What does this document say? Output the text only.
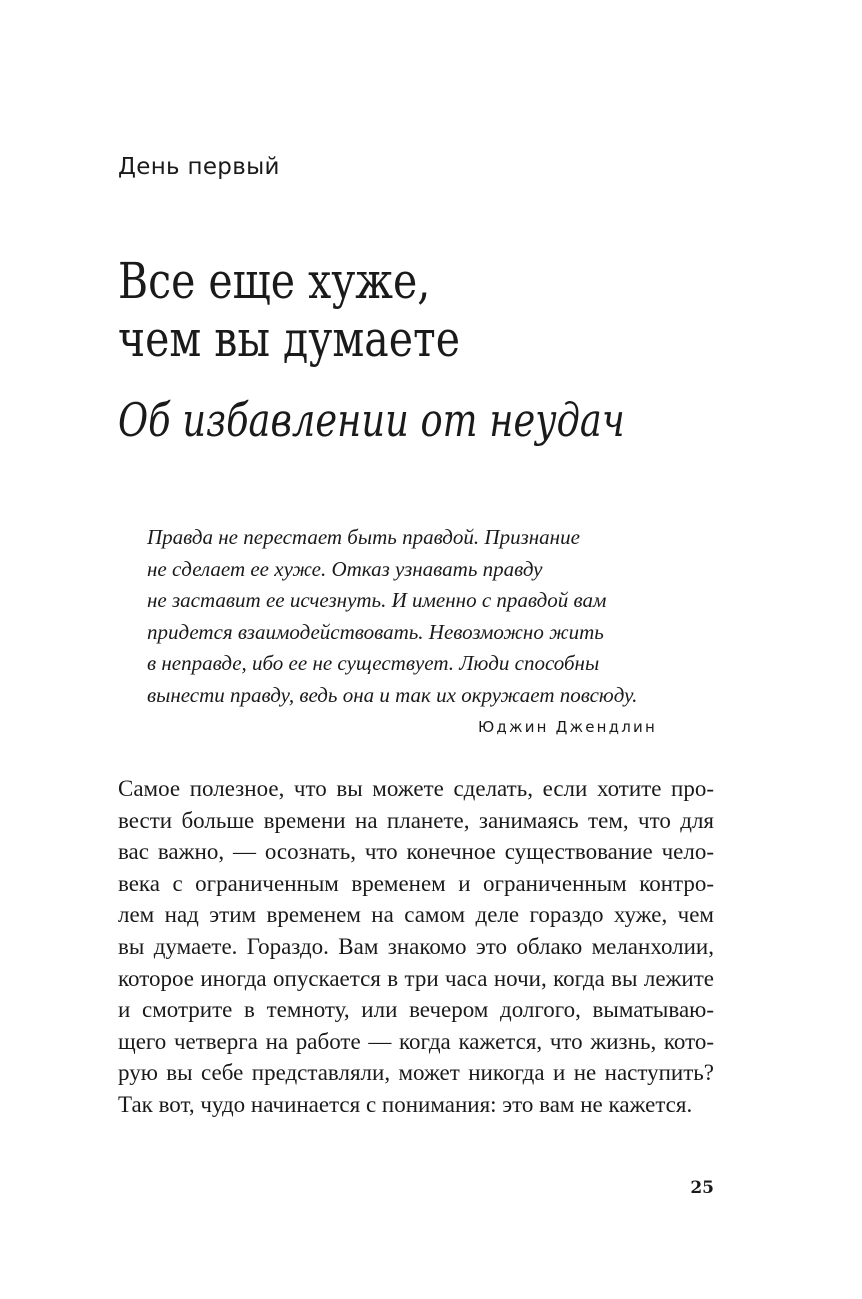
День первый

Все еще хуже,
чем вы думаете
Об избавлении от неудач
Правда не перестает быть правдой. Признание
не сделает ее хуже. Отказ узнавать правду
не заставит ее исчезнуть. И именно с правдой вам
придется взаимодействовать. Невозможно жить
в неправде, ибо ее не существует. Люди способны
вынести правду, ведь она и так их окружает повсюду.

Юджин Джендлин

Самое полезное, что вы можете сделать, если хотите про-
вести больше времени на планете, занимаясь тем, что для
вас важно, — осознать, что конечное существование чело-
века с ограниченным временем и ограниченным контро-
лем над этим временем на самом деле гораздо хуже, чем
вы думаете. Гораздо. Вам знакомо это облако меланхолии,
которое иногда опускается в три часа ночи, когда вы лежите
и смотрите в темноту, или вечером долгого, выматываю-
щего четверга на работе — когда кажется, что жизнь, кото-
рую вы себе представляли, может никогда и не наступить?
Так вот, чудо начинается с понимания: это вам не кажется.

25
